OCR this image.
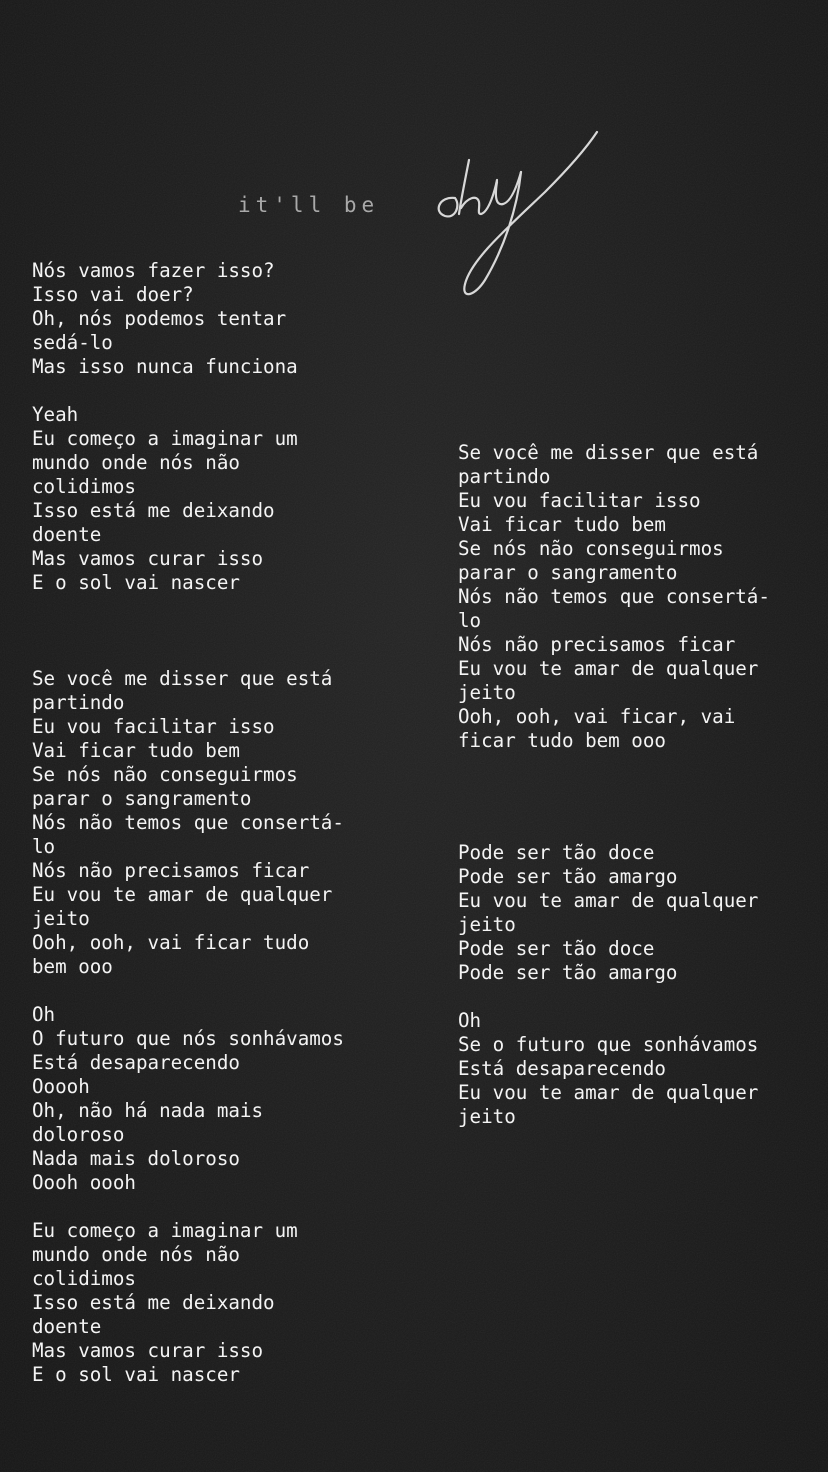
it'll be
Nós vamos fazer isso?
Isso vai doer?
Oh, nós podemos tentar
sedá-lo
Mas isso nunca funciona
Yeah
Eu começo a imaginar um
mundo onde nós não
colidimos
Isso está me deixando
doente
Mas vamos curar isso
E o sol vai nascer
Se você me disser que está
partindo
Eu vou facilitar isso
Vai ficar tudo bem
Se nós não conseguirmos
parar o sangramento
Nós não temos que consertá-
lo
Nós não precisamos ficar
Eu vou te amar de qualquer
jeito
Ooh, ooh, vai ficar tudo
bem ooo
Oh
O futuro que nós sonhávamos
Está desaparecendo
Ooooh
Oh, não há nada mais
doloroso
Nada mais doloroso
Oooh oooh
Eu começo a imaginar um
mundo onde nós não
colidimos
Isso está me deixando
doente
Mas vamos curar isso
E o sol vai nascer
Se você me disser que está
partindo
Eu vou facilitar isso
Vai ficar tudo bem
Se nós não conseguirmos
parar o sangramento
Nós não temos que consertá-
lo
Nós não precisamos ficar
Eu vou te amar de qualquer
jeito
Ooh, ooh, vai ficar, vai
ficar tudo bem ooo
Pode ser tão doce
Pode ser tão amargo
Eu vou te amar de qualquer
jeito
Pode ser tão doce
Pode ser tão amargo
Oh
Se o futuro que sonhávamos
Está desaparecendo
Eu vou te amar de qualquer
jeito
